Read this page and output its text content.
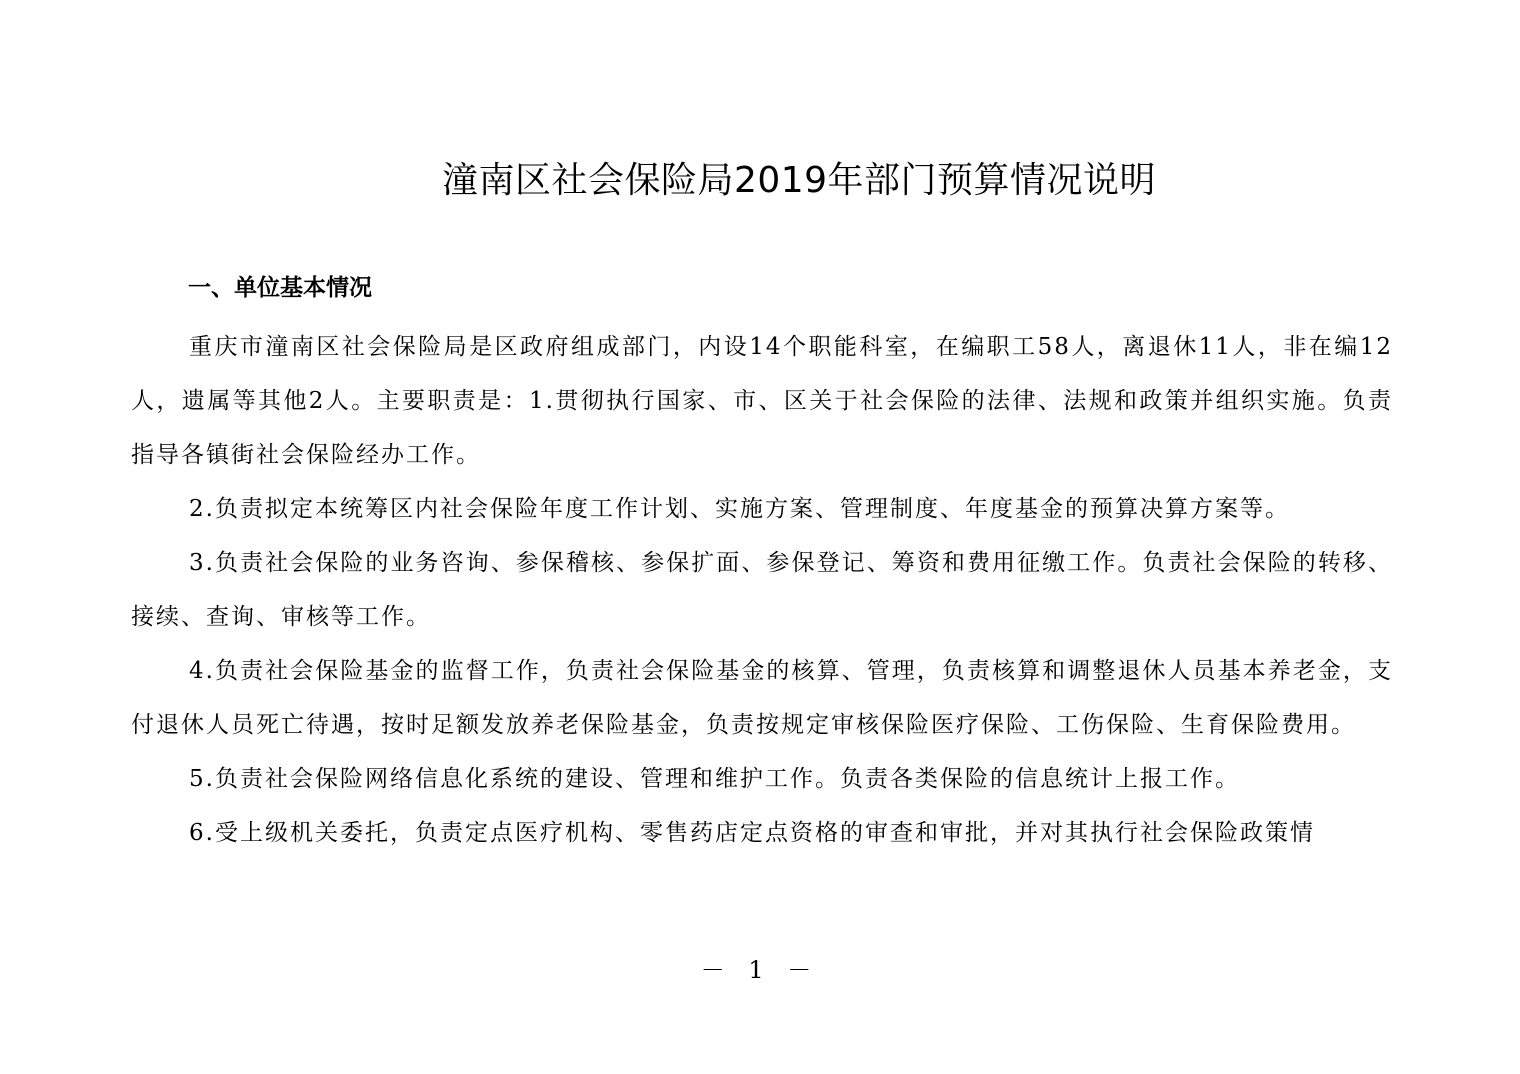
潼南区社会保险局2019年部门预算情况说明
一、单位基本情况

重庆市潼南区社会保险局是区政府组成部门，内设14个职能科室，在编职工58人，离退休11人，非在编12人，遗属等其他2人。主要职责是：1.贯彻执行国家、市、区关于社会保险的法律、法规和政策并组织实施。负责指导各镇街社会保险经办工作。

2.负责拟定本统筹区内社会保险年度工作计划、实施方案、管理制度、年度基金的预算决算方案等。

3.负责社会保险的业务咨询、参保稽核、参保扩面、参保登记、筹资和费用征缴工作。负责社会保险的转移、接续、查询、审核等工作。

4.负责社会保险基金的监督工作，负责社会保险基金的核算、管理，负责核算和调整退休人员基本养老金，支付退休人员死亡待遇，按时足额发放养老保险基金，负责按规定审核保险医疗保险、工伤保险、生育保险费用。

5.负责社会保险网络信息化系统的建设、管理和维护工作。负责各类保险的信息统计上报工作。

6.受上级机关委托，负责定点医疗机构、零售药店定点资格的审查和审批，并对其执行社会保险政策情

－ 1 －
